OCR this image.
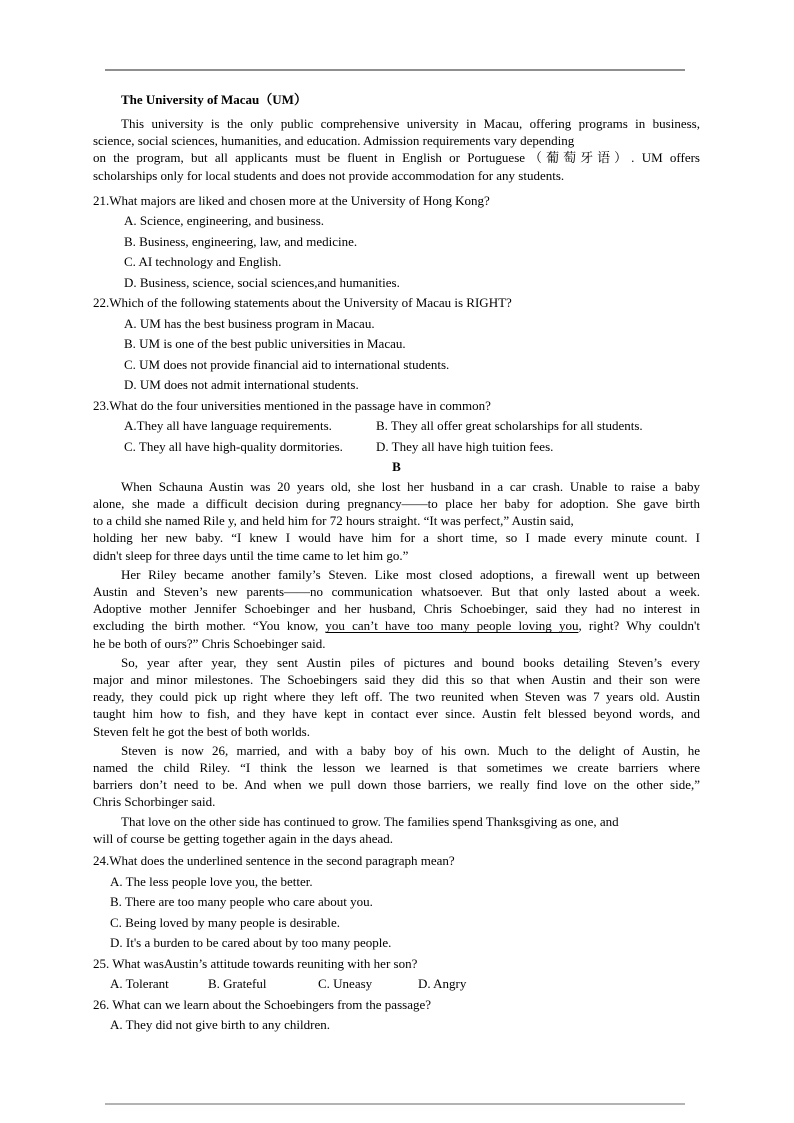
The University of Macau（UM）
This university is the only public comprehensive university in Macau, offering programs in business,
science, social sciences, humanities, and education. Admission requirements vary depending
on the program, but all applicants must be fluent in English or Portuguese（葡萄牙语）. UM offers
scholarships only for local students and does not provide accommodation for any students.
21.What majors are liked and chosen more at the University of Hong Kong?
A. Science, engineering, and business.
B. Business, engineering, law, and medicine.
C. AI technology and English.
D. Business, science, social sciences,and humanities.
22.Which of the following statements about the University of Macau is RIGHT?
A. UM has the best business program in Macau.
B. UM is one of the best public universities in Macau.
C. UM does not provide financial aid to international students.
D. UM does not admit international students.
23.What do the four universities mentioned in the passage have in common?
A.They all have language requirements.	B. They all offer great scholarships for all students.
C. They all have high-quality dormitories.	D. They all have high tuition fees.
B
When Schauna Austin was 20 years old, she lost her husband in a car crash. Unable to raise a baby
alone, she made a difficult decision during pregnancy——to place her baby for adoption. She gave birth
to a child she named Rile y, and held him for 72 hours straight. “It was perfect,” Austin said,
holding her new baby. “I knew I would have him for a short time, so I made every minute count. I
didn't sleep for three days until the time came to let him go.”
Her Riley became another family’s Steven. Like most closed adoptions, a firewall went up between
Austin and Steven’s new parents——no communication whatsoever. But that only lasted about a week.
Adoptive mother Jennifer Schoebinger and her husband, Chris Schoebinger, said they had no interest in
excluding the birth mother. “You know, you can’t have too many people loving you, right? Why couldn't
he be both of ours?” Chris Schoebinger said.
So, year after year, they sent Austin piles of pictures and bound books detailing Steven’s every
major and minor milestones. The Schoebingers said they did this so that when Austin and their son were
ready, they could pick up right where they left off. The two reunited when Steven was 7 years old. Austin
taught him how to fish, and they have kept in contact ever since. Austin felt blessed beyond words, and
Steven felt he got the best of both worlds.
Steven is now 26, married, and with a baby boy of his own. Much to the delight of Austin, he
named the child Riley. “I think the lesson we learned is that sometimes we create barriers where
barriers don’t need to be. And when we pull down those barriers, we really find love on the other side,”
Chris Schorbinger said.
That love on the other side has continued to grow. The families spend Thanksgiving as one, and
will of course be getting together again in the days ahead.
24.What does the underlined sentence in the second paragraph mean?
A. The less people love you, the better.
B. There are too many people who care about you.
C. Being loved by many people is desirable.
D. It's a burden to be cared about by too many people.
25. What wasAustin’s attitude towards reuniting with her son?
A. Tolerant	B. Grateful	C. Uneasy	D. Angry
26. What can we learn about the Schoebingers from the passage?
A. They did not give birth to any children.
